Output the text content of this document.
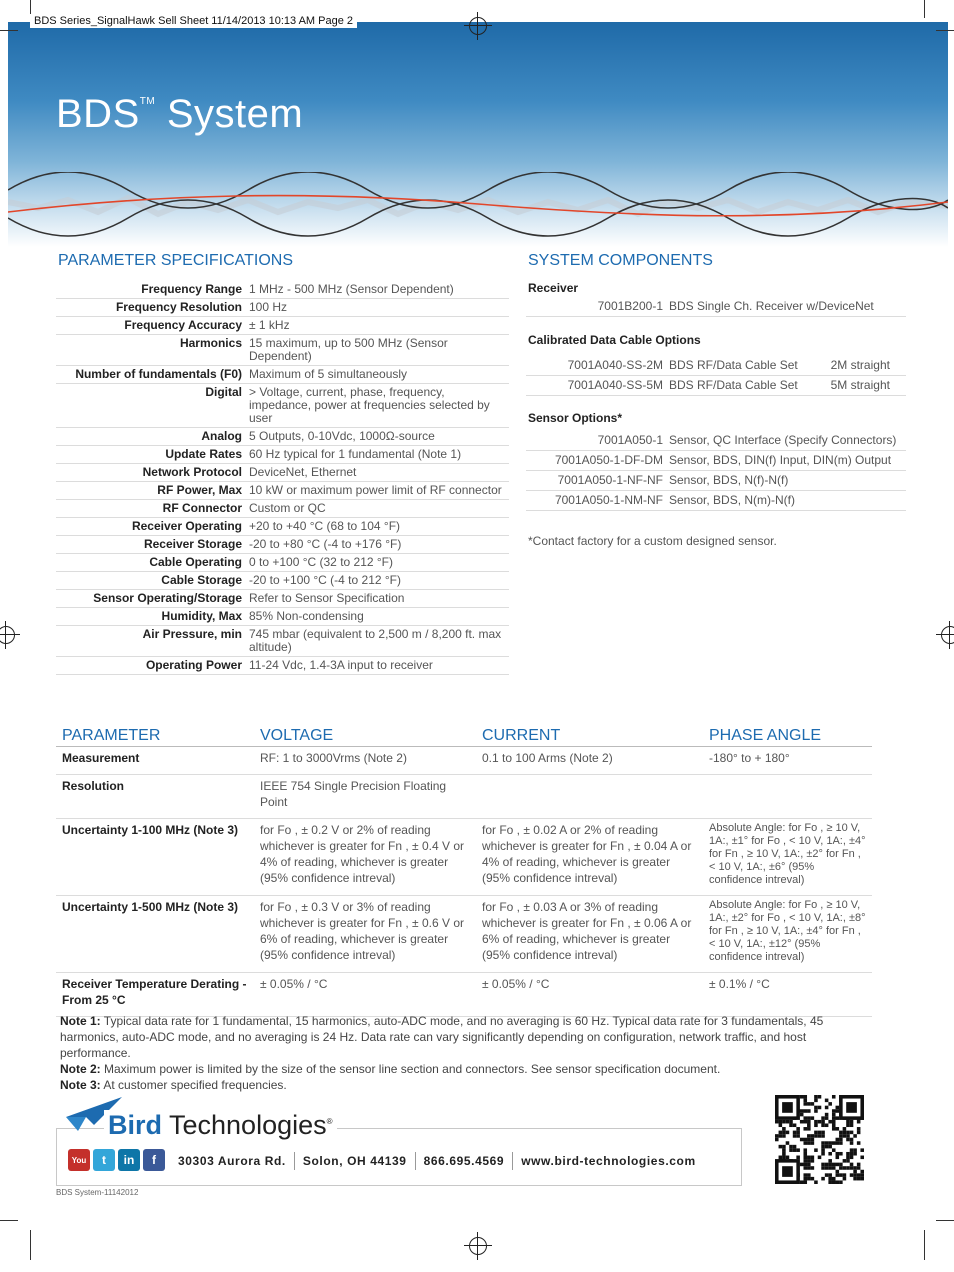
BDS Series_SignalHawk Sell Sheet 11/14/2013 10:13 AM Page 2
BDS™ System
PARAMETER SPECIFICATIONS
Frequency Range	1 MHz - 500 MHz (Sensor Dependent)
Frequency Resolution	100 Hz
Frequency Accuracy	± 1 kHz
Harmonics	15 maximum, up to 500 MHz (Sensor Dependent)
Number of fundamentals (F0)	Maximum of 5 simultaneously
Digital	> Voltage, current, phase, frequency, impedance, power at frequencies selected by user
Analog	5 Outputs, 0-10Vdc, 1000Ω-source
Update Rates	60 Hz typical for 1 fundamental (Note 1)
Network Protocol	DeviceNet, Ethernet
RF Power, Max	10 kW or maximum power limit of RF connector
RF Connector	Custom or QC
Receiver Operating	+20 to +40 °C (68 to 104 °F)
Receiver Storage	-20 to +80 °C (-4 to +176 °F)
Cable Operating	0 to +100 °C (32 to 212 °F)
Cable Storage	-20 to +100 °C (-4 to 212 °F)
Sensor Operating/Storage	Refer to Sensor Specification
Humidity, Max	85% Non-condensing
Air Pressure, min	745 mbar (equivalent to 2,500 m / 8,200 ft. max altitude)
Operating Power	11-24 Vdc, 1.4-3A input to receiver
SYSTEM COMPONENTS
Receiver
7001B200-1	BDS Single Ch. Receiver w/DeviceNet
Calibrated Data Cable Options
7001A040-SS-2M	BDS RF/Data Cable Set	2M straight
7001A040-SS-5M	BDS RF/Data Cable Set	5M straight
Sensor Options*
7001A050-1	Sensor, QC Interface (Specify Connectors)
7001A050-1-DF-DM	Sensor, BDS, DIN(f) Input, DIN(m) Output
7001A050-1-NF-NF	Sensor, BDS, N(f)-N(f)
7001A050-1-NM-NF	Sensor, BDS, N(m)-N(f)
*Contact factory for a custom designed sensor.
PARAMETER	VOLTAGE	CURRENT	PHASE ANGLE
Measurement	RF: 1 to 3000Vrms (Note 2)	0.1 to 100 Arms (Note 2)	-180° to + 180°
Resolution	IEEE 754 Single Precision Floating Point		
Uncertainty 1-100 MHz (Note 3)	for Fo , ± 0.2 V or 2% of reading whichever is greater for Fn , ± 0.4 V or 4% of reading, whichever is greater (95% confidence intreval)	for Fo , ± 0.02 A or 2% of reading whichever is greater for Fn , ± 0.04 A or 4% of reading, whichever is greater (95% confidence intreval)	Absolute Angle: for Fo , ≥ 10 V, 1A:, ±1° for Fo , < 10 V, 1A:, ±4° for Fn , ≥ 10 V, 1A:, ±2° for Fn , < 10 V, 1A:, ±6° (95% confidence intreval)
Uncertainty 1-500 MHz (Note 3)	for Fo , ± 0.3 V or 3% of reading whichever is greater for Fn , ± 0.6 V or 6% of reading, whichever is greater (95% confidence intreval)	for Fo , ± 0.03 A or 3% of reading whichever is greater for Fn , ± 0.06 A or 6% of reading, whichever is greater (95% confidence intreval)	Absolute Angle: for Fo , ≥ 10 V, 1A:, ±2° for Fo , < 10 V, 1A:, ±8° for Fn , ≥ 10 V, 1A:, ±4° for Fn , < 10 V, 1A:, ±12° (95% confidence intreval)
Receiver Temperature Derating - From 25 °C	± 0.05% / °C	± 0.05% / °C	± 0.1% / °C
Note 1: Typical data rate for 1 fundamental, 15 harmonics, auto-ADC mode, and no averaging is 60 Hz. Typical data rate for 3 fundamentals, 45 harmonics, auto-ADC mode, and no averaging is 24 Hz. Data rate can vary significantly depending on configuration, network traffic, and host performance.
Note 2: Maximum power is limited by the size of the sensor line section and connectors. See sensor specification document.
Note 3: At customer specified frequencies.
Bird Technologies®
You	t	in	f	30303 Aurora Rd. Solon, OH 44139 866.695.4569 www.bird-technologies.com
BDS System-11142012
